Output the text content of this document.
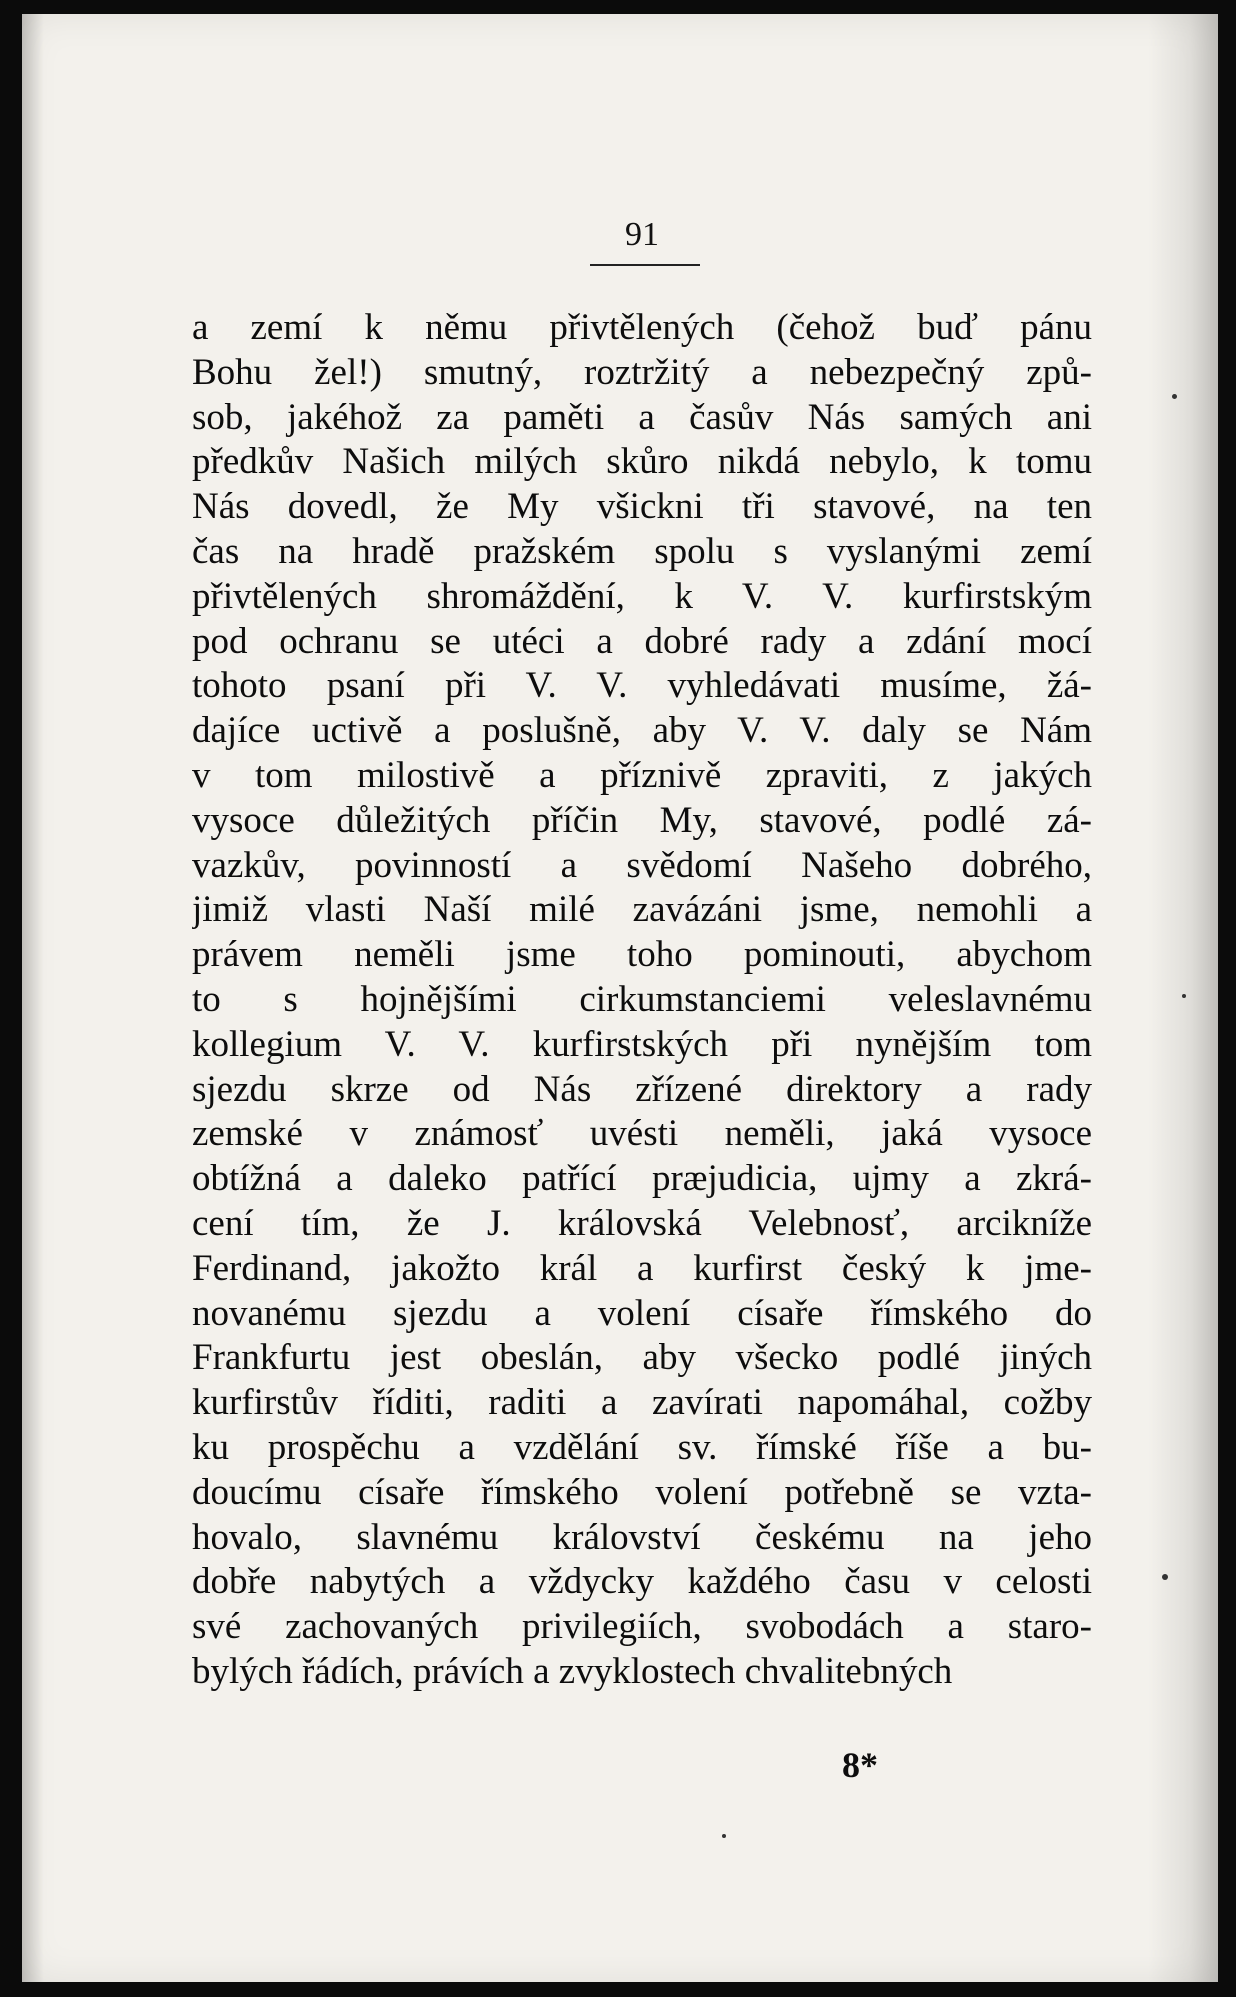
91
a zemí k němu přivtělených (čehož buď pánu
Bohu žel!) smutný, roztržitý a nebezpečný způ-
sob, jakéhož za paměti a časův Nás samých ani
předkův Našich milých skůro nikdá nebylo, k tomu
Nás dovedl, že My všickni tři stavové, na ten
čas na hradě pražském spolu s vyslanými zemí
přivtělených shromáždění, k V. V. kurfirstským
pod ochranu se utéci a dobré rady a zdání mocí
tohoto psaní při V. V. vyhledávati musíme, žá-
dajíce uctivě a poslušně, aby V. V. daly se Nám
v tom milostivě a příznivě zpraviti, z jakých
vysoce důležitých příčin My, stavové, podlé zá-
vazkův, povinností a svědomí Našeho dobrého,
jimiž vlasti Naší milé zavázáni jsme, nemohli a
právem neměli jsme toho pominouti, abychom
to s hojnějšími cirkumstanciemi veleslavnému
kollegium V. V. kurfirstských při nynějším tom
sjezdu skrze od Nás zřízené direktory a rady
zemské v známosť uvésti neměli, jaká vysoce
obtížná a daleko patřící præjudicia, ujmy a zkrá-
cení tím, že J. královská Velebnosť, arcikníže
Ferdinand, jakožto král a kurfirst český k jme-
novanému sjezdu a volení císaře římského do
Frankfurtu jest obeslán, aby všecko podlé jiných
kurfirstův říditi, raditi a zavírati napomáhal, cožby
ku prospěchu a vzdělání sv. římské říše a bu-
doucímu císaře římského volení potřebně se vzta-
hovalo, slavnému království českému na jeho
dobře nabytých a vždycky každého času v celosti
své zachovaných privilegiích, svobodách a staro-
bylých řádích, právích a zvyklostech chvalitebných
8*
